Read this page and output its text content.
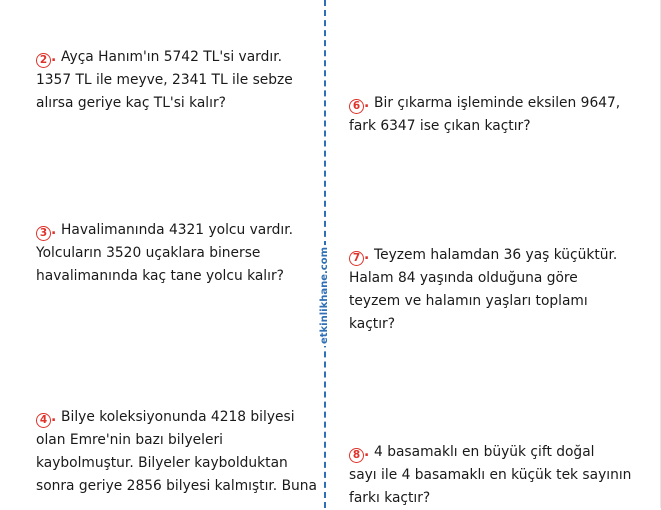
etkinlikhane.com

2 . Ayça Hanım'ın 5742 TL'si vardır.

1357 TL ile meyve, 2341 TL ile sebze

alırsa geriye kaç TL'si kalır?

3 . Havalimanında 4321 yolcu vardır.

Yolcuların 3520 uçaklara binerse

havalimanında kaç tane yolcu kalır?

4 . Bilye koleksiyonunda 4218 bilyesi

olan Emre'nin bazı bilyeleri

kaybolmuştur. Bilyeler kaybolduktan

sonra geriye 2856 bilyesi kalmıştır. Buna

6 . Bir çıkarma işleminde eksilen 9647,

fark 6347 ise çıkan kaçtır?

7 . Teyzem halamdan 36 yaş küçüktür.

Halam 84 yaşında olduğuna göre

teyzem ve halamın yaşları toplamı

kaçtır?

8 . 4 basamaklı en büyük çift doğal

sayı ile 4 basamaklı en küçük tek sayının

farkı kaçtır?
